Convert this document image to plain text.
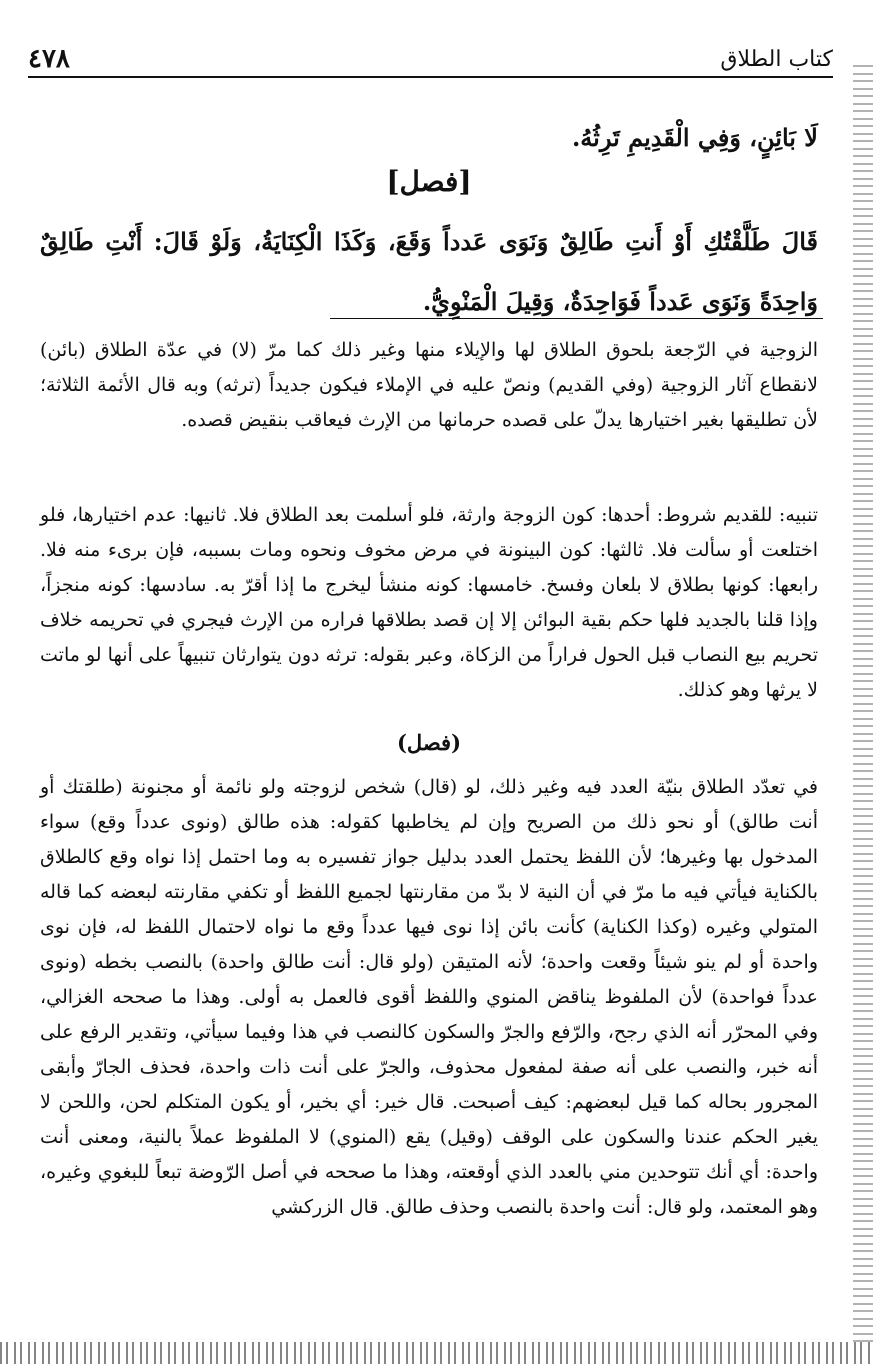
٤٧٨	كتاب الطلاق
لَا بَائِنٍ، وَفِي الْقَدِيمِ تَرِثُهُ.
[فصل]
قَالَ طَلَّقْتُكِ أَوْ أَنتِ طَالِقٌ وَنَوَى عَدداً وَقَعَ، وَكَذَا الْكِنَايَةُ، وَلَوْ قَالَ: أَنْتِ طَالِقٌ وَاحِدَةً وَنَوَى عَدداً فَوَاحِدَةٌ، وَقِيلَ الْمَنْوِيُّ.
الزوجية في الرّجعة بلحوق الطلاق لها والإيلاء منها وغير ذلك كما مرّ (لا) في عدّة الطلاق (بائن) لانقطاع آثار الزوجية (وفي القديم) ونصّ عليه في الإملاء فيكون جديداً (ترثه) وبه قال الأئمة الثلاثة؛ لأن تطليقها بغير اختيارها يدلّ على قصده حرمانها من الإرث فيعاقب بنقيض قصده.
تنبيه: للقديم شروط: أحدها: كون الزوجة وارثة، فلو أسلمت بعد الطلاق فلا. ثانيها: عدم اختيارها، فلو اختلعت أو سألت فلا. ثالثها: كون البينونة في مرض مخوف ونحوه ومات بسببه، فإن برىء منه فلا. رابعها: كونها بطلاق لا بلعان وفسخ. خامسها: كونه منشأ ليخرج ما إذا أقرّ به. سادسها: كونه منجزاً، وإذا قلنا بالجديد فلها حكم بقية البوائن إلا إن قصد بطلاقها فراره من الإرث فيجري في تحريمه خلاف تحريم بيع النصاب قبل الحول فراراً من الزكاة، وعبر بقوله: ترثه دون يتوارثان تنبيهاً على أنها لو ماتت لا يرثها وهو كذلك.
(فصل)
في تعدّد الطلاق بنيّة العدد فيه وغير ذلك، لو (قال) شخص لزوجته ولو نائمة أو مجنونة (طلقتك أو أنت طالق) أو نحو ذلك من الصريح وإن لم يخاطبها كقوله: هذه طالق (ونوى عدداً وقع) سواء المدخول بها وغيرها؛ لأن اللفظ يحتمل العدد بدليل جواز تفسيره به وما احتمل إذا نواه وقع كالطلاق بالكناية فيأتي فيه ما مرّ في أن النية لا بدّ من مقارنتها لجميع اللفظ أو تكفي مقارنته لبعضه كما قاله المتولي وغيره (وكذا الكناية) كأنت بائن إذا نوى فيها عدداً وقع ما نواه لاحتمال اللفظ له، فإن نوى واحدة أو لم ينو شيئاً وقعت واحدة؛ لأنه المتيقن (ولو قال: أنت طالق واحدة) بالنصب بخطه (ونوى عدداً فواحدة) لأن الملفوظ يناقض المنوي واللفظ أقوى فالعمل به أولى. وهذا ما صححه الغزالي، وفي المحرّر أنه الذي رجح، والرّفع والجرّ والسكون كالنصب في هذا وفيما سيأتي، وتقدير الرفع على أنه خبر، والنصب على أنه صفة لمفعول محذوف، والجرّ على أنت ذات واحدة، فحذف الجارّ وأبقى المجرور بحاله كما قيل لبعضهم: كيف أصبحت. قال خير: أي بخير، أو يكون المتكلم لحن، واللحن لا يغير الحكم عندنا والسكون على الوقف (وقيل) يقع (المنوي) لا الملفوظ عملاً بالنية، ومعنى أنت واحدة: أي أنك تتوحدين مني بالعدد الذي أوقعته، وهذا ما صححه في أصل الرّوضة تبعاً للبغوي وغيره، وهو المعتمد، ولو قال: أنت واحدة بالنصب وحذف طالق. قال الزركشي
